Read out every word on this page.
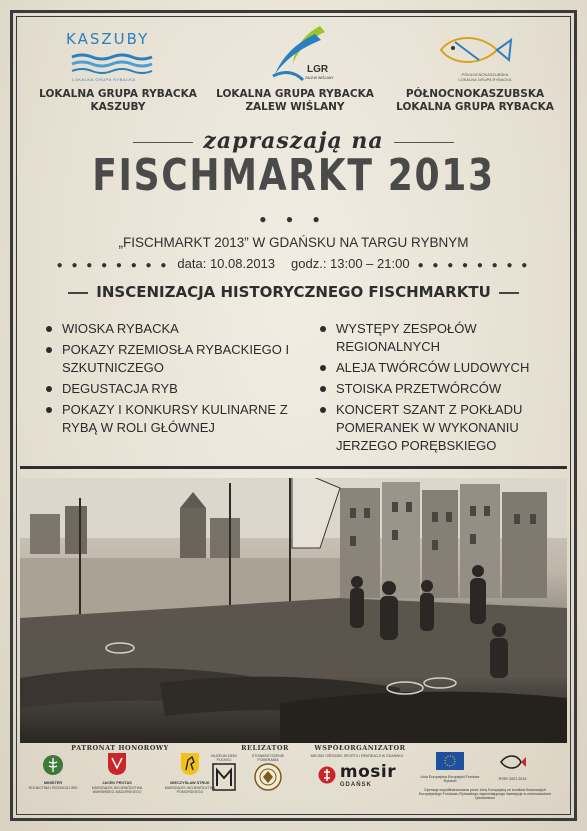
KASZUBY
LOKALNA GRUPA RYBACKA
LOKALNA GRUPA RYBACKA
KASZUBY
LGR
ZALEW WIŚLANY
LOKALNA GRUPA RYBACKA
ZALEW WIŚLANY
PÓŁNOCNOKASZUBSKA LOKALNA GRUPA RYBACKA
PÓŁNOCNOKASZUBSKA
LOKALNA GRUPA RYBACKA
zapraszają na
FISCHMARKT 2013
● ● ●
„FISCHMARKT 2013” W GDAŃSKU NA TARGU RYBNYM
● ● ● ● ● ● ● ● data: 10.08.2013 godz.: 13:00 – 21:00 ● ● ● ● ● ● ● ●
INSCENIZACJA HISTORYCZNEGO FISCHMARKTU
WIOSKA RYBACKA
POKAZY RZEMIOSŁA RYBACKIEGO I SZKUTNICZEGO
DEGUSTACJA RYB
POKAZY I KONKURSY KULINARNE Z RYBĄ W ROLI GŁÓWNEJ
WYSTĘPY ZESPOŁÓW REGIONALNYCH
ALEJA TWÓRCÓW LUDOWYCH
STOISKA PRZETWÓRCÓW
KONCERT SZANT Z POKŁADU POMERANEK W WYKONANIU JERZEGO PORĘBSKIEGO
PATRONAT HONOROWY	RELIZATOR	WSPÓŁORGANIZATOR
MINISTER
ROLNICTWA I ROZWOJU WSI
JACEK PROTAS
MARSZAŁEK WOJEWÓDZTWA WARMIŃSKO-MAZURSKIEGO
MIECZYSŁAW STRUK
MARSZAŁEK WOJEWÓDZTWA POMORSKIEGO
MUZEUM ZIEMI PUCKIEJ
STOWARZYSZENIE POMERANIA
MIEJSKI OŚRODEK SPORTU I REKREACJI W GDAŃSKU
mosir
GDAŃSK
Unia Europejska Europejski Fundusz Rybacki
RYBY 2007-2013
Operacja współfinansowana przez Unię Europejską ze środków finansowych Europejskiego Funduszu Rybackiego zapewniającego inwestycje w zrównoważone rybołówstwo
